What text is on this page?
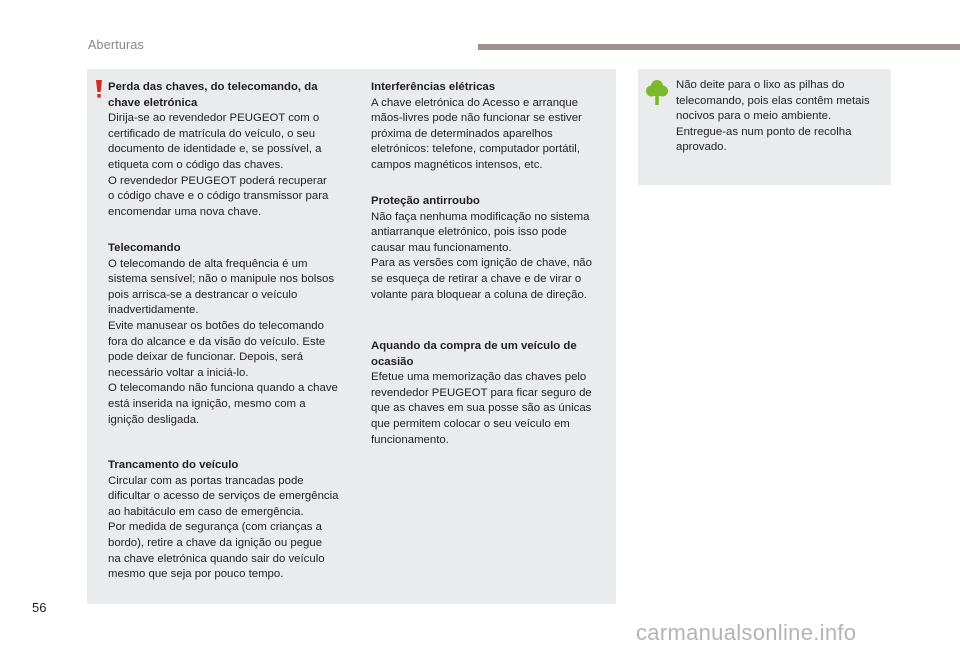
Aberturas
Perda das chaves, do telecomando, da
chave eletrónica

Dirija-se ao revendedor PEUGEOT com o
certificado de matrícula do veículo, o seu
documento de identidade e, se possível, a
etiqueta com o código das chaves.
O revendedor PEUGEOT poderá recuperar
o código chave e o código transmissor para
encomendar uma nova chave.

Telecomando

O telecomando de alta frequência é um
sistema sensível; não o manipule nos bolsos
pois arrisca-se a destrancar o veículo
inadvertidamente.
Evite manusear os botões do telecomando
fora do alcance e da visão do veículo. Este
pode deixar de funcionar. Depois, será
necessário voltar a iniciá-lo.
O telecomando não funciona quando a chave
está inserida na ignição, mesmo com a
ignição desligada.

Trancamento do veículo

Circular com as portas trancadas pode
dificultar o acesso de serviços de emergência
ao habitáculo em caso de emergência.
Por medida de segurança (com crianças a
bordo), retire a chave da ignição ou pegue
na chave eletrónica quando sair do veículo
mesmo que seja por pouco tempo.

Interferências elétricas

A chave eletrónica do Acesso e arranque
mãos-livres pode não funcionar se estiver
próxima de determinados aparelhos
eletrónicos: telefone, computador portátil,
campos magnéticos intensos, etc.

Proteção antirroubo

Não faça nenhuma modificação no sistema
antiarranque eletrónico, pois isso pode
causar mau funcionamento.
Para as versões com ignição de chave, não
se esqueça de retirar a chave e de virar o
volante para bloquear a coluna de direção.

Aquando da compra de um veículo de
ocasião

Efetue uma memorização das chaves pelo
revendedor PEUGEOT para ficar seguro de
que as chaves em sua posse são as únicas
que permitem colocar o seu veículo em
funcionamento.

Não deite para o lixo as pilhas do
telecomando, pois elas contêm metais
nocivos para o meio ambiente.
Entregue-as num ponto de recolha
aprovado.

56
carmanualsonline.info
